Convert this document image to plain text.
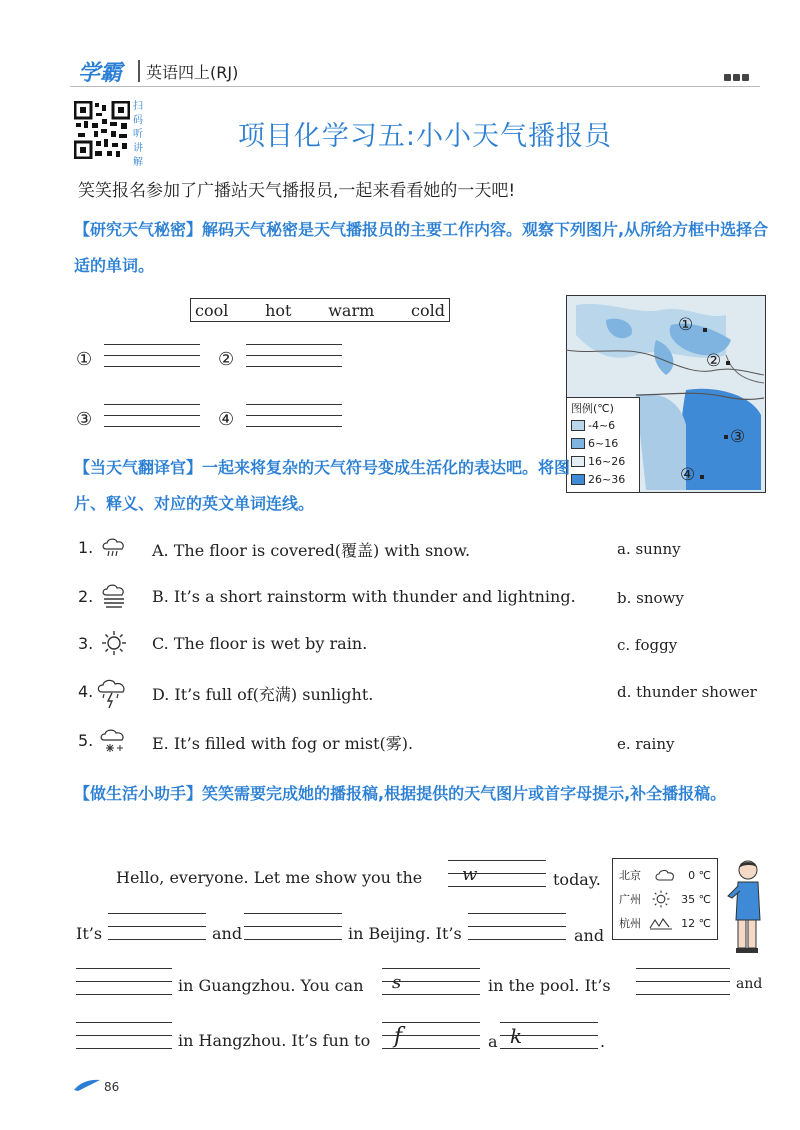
学霸 英语四上(RJ)
扫码听讲解
项目化学习五:小小天气播报员
笑笑报名参加了广播站天气播报员,一起来看看她的一天吧!
【研究天气秘密】解码天气秘密是天气播报员的主要工作内容。观察下列图片,从所给方框中选择合适的单词。
cool hot warm cold
①	②
③	④
①
②
③
④
图例(℃)
-4~6
6~16
16~26
26~36
【当天气翻译官】一起来将复杂的天气符号变成生活化的表达吧。将图片、释义、对应的英文单词连线。
1.	A. The floor is covered(覆盖) with snow.	a. sunny
2.	B. It’s a short rainstorm with thunder and lightning.	b. snowy
3.	C. The floor is wet by rain.	c. foggy
4.	D. It’s full of(充满) sunlight.	d. thunder shower
5.	E. It’s filled with fog or mist(雾).	e. rainy
【做生活小助手】笑笑需要完成她的播报稿,根据提供的天气图片或首字母提示,补全播报稿。
Hello, everyone. Let me show you the w	today.
It’s	and	in Beijing. It’s	and
北京	0 ℃
广州	35 ℃
杭州	12 ℃
in Guangzhou. You can s	in the pool. It’s	and
in Hangzhou. It’s fun to f	a k	.
86
